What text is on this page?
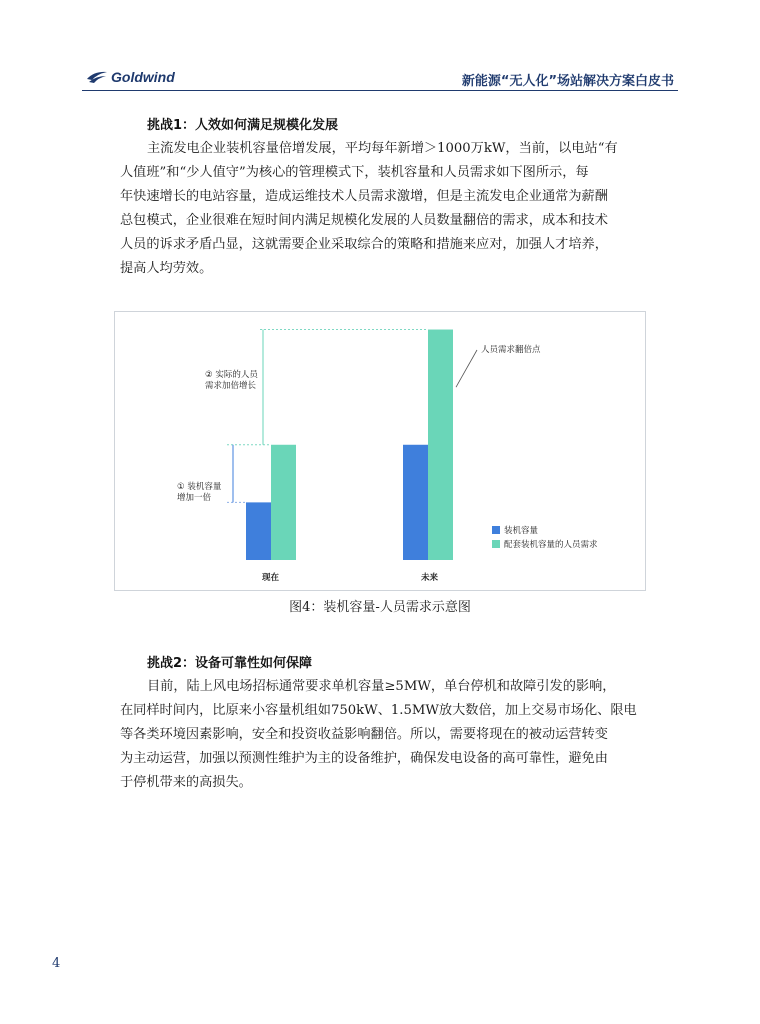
Goldwind	新能源“无人化”场站解决方案白皮书
挑战1：人效如何满足规模化发展
主流发电企业装机容量倍增发展，平均每年新增＞1000万kW，当前，以电站“有
人值班”和“少人值守”为核心的管理模式下，装机容量和人员需求如下图所示，每
年快速增长的电站容量，造成运维技术人员需求激增，但是主流发电企业通常为薪酬
总包模式，企业很难在短时间内满足规模化发展的人员数量翻倍的需求，成本和技术
人员的诉求矛盾凸显，这就需要企业采取综合的策略和措施来应对，加强人才培养，
提高人均劳效。
① 装机容量
增加一倍
② 实际的人员
需求加倍增长
人员需求翻倍点
装机容量
配套装机容量的人员需求
现在	未来
图4：装机容量-人员需求示意图
挑战2：设备可靠性如何保障
目前，陆上风电场招标通常要求单机容量≥5MW，单台停机和故障引发的影响，
在同样时间内，比原来小容量机组如750kW、1.5MW放大数倍，加上交易市场化、限电
等各类环境因素影响，安全和投资收益影响翻倍。所以，需要将现在的被动运营转变
为主动运营，加强以预测性维护为主的设备维护，确保发电设备的高可靠性，避免由
于停机带来的高损失。
4
